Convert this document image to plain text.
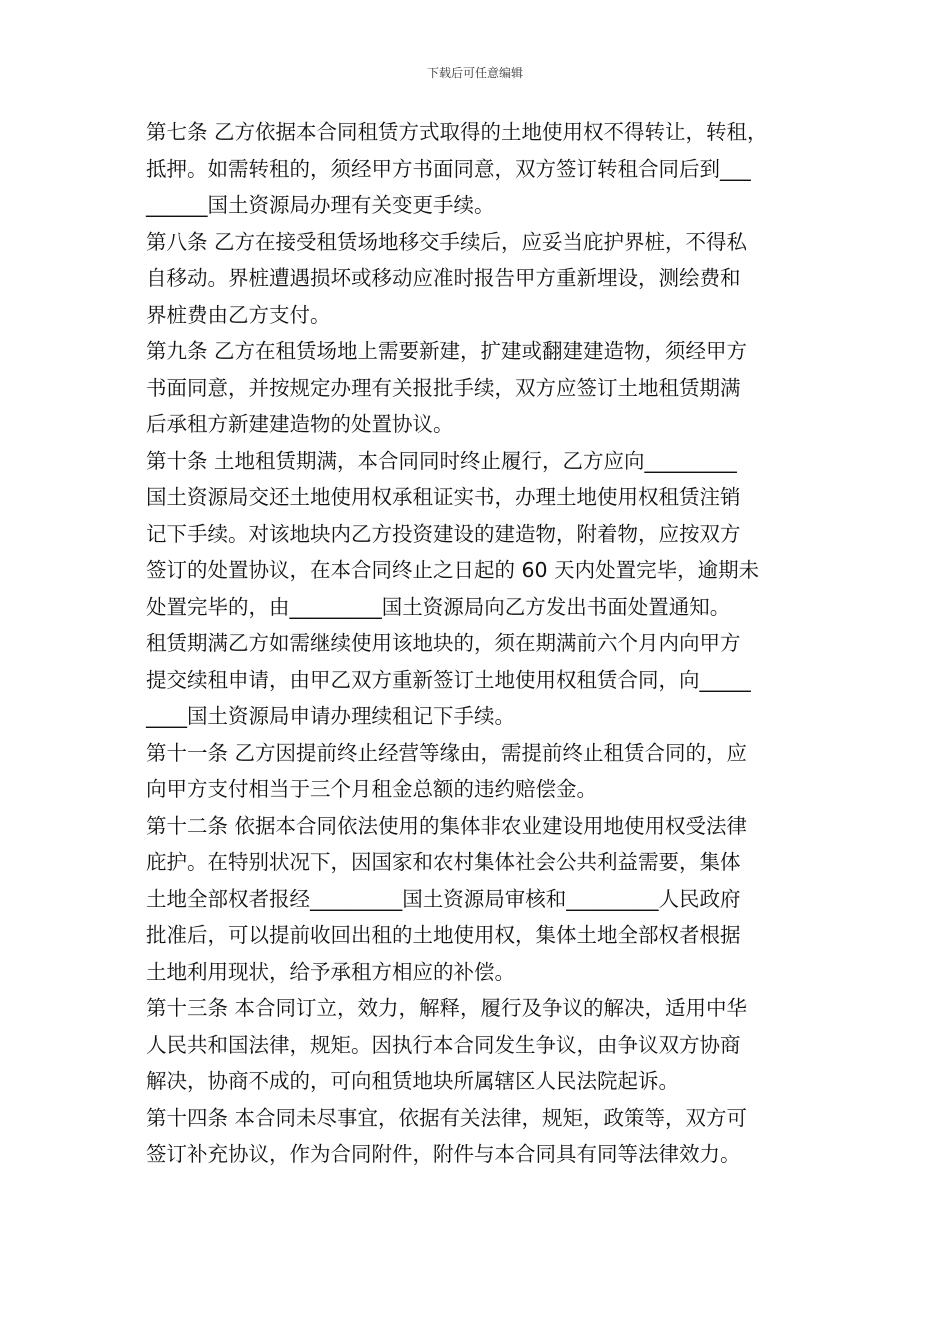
下载后可任意编辑

第七条 乙方依据本合同租赁方式取得的土地使用权不得转让，转租，
抵押。如需转租的，须经甲方书面同意，双方签订转租合同后到___
______国土资源局办理有关变更手续。

第八条 乙方在接受租赁场地移交手续后，应妥当庇护界桩，不得私
自移动。界桩遭遇损坏或移动应准时报告甲方重新埋设，测绘费和
界桩费由乙方支付。

第九条 乙方在租赁场地上需要新建，扩建或翻建建造物，须经甲方
书面同意，并按规定办理有关报批手续，双方应签订土地租赁期满
后承租方新建建造物的处置协议。

第十条 土地租赁期满，本合同同时终止履行，乙方应向_________
国土资源局交还土地使用权承租证实书，办理土地使用权租赁注销
记下手续。对该地块内乙方投资建设的建造物，附着物，应按双方
签订的处置协议，在本合同终止之日起的 60 天内处置完毕，逾期未
处置完毕的，由_________国土资源局向乙方发出书面处置通知。

租赁期满乙方如需继续使用该地块的，须在期满前六个月内向甲方
提交续租申请，由甲乙双方重新签订土地使用权租赁合同，向_____
____国土资源局申请办理续租记下手续。

第十一条 乙方因提前终止经营等缘由，需提前终止租赁合同的，应
向甲方支付相当于三个月租金总额的违约赔偿金。

第十二条 依据本合同依法使用的集体非农业建设用地使用权受法律
庇护。在特别状况下，因国家和农村集体社会公共利益需要，集体
土地全部权者报经_________国土资源局审核和_________人民政府
批准后，可以提前收回出租的土地使用权，集体土地全部权者根据
土地利用现状，给予承租方相应的补偿。

第十三条 本合同订立，效力，解释，履行及争议的解决，适用中华
人民共和国法律，规矩。因执行本合同发生争议，由争议双方协商
解决，协商不成的，可向租赁地块所属辖区人民法院起诉。

第十四条 本合同未尽事宜，依据有关法律，规矩，政策等，双方可
签订补充协议，作为合同附件，附件与本合同具有同等法律效力。
